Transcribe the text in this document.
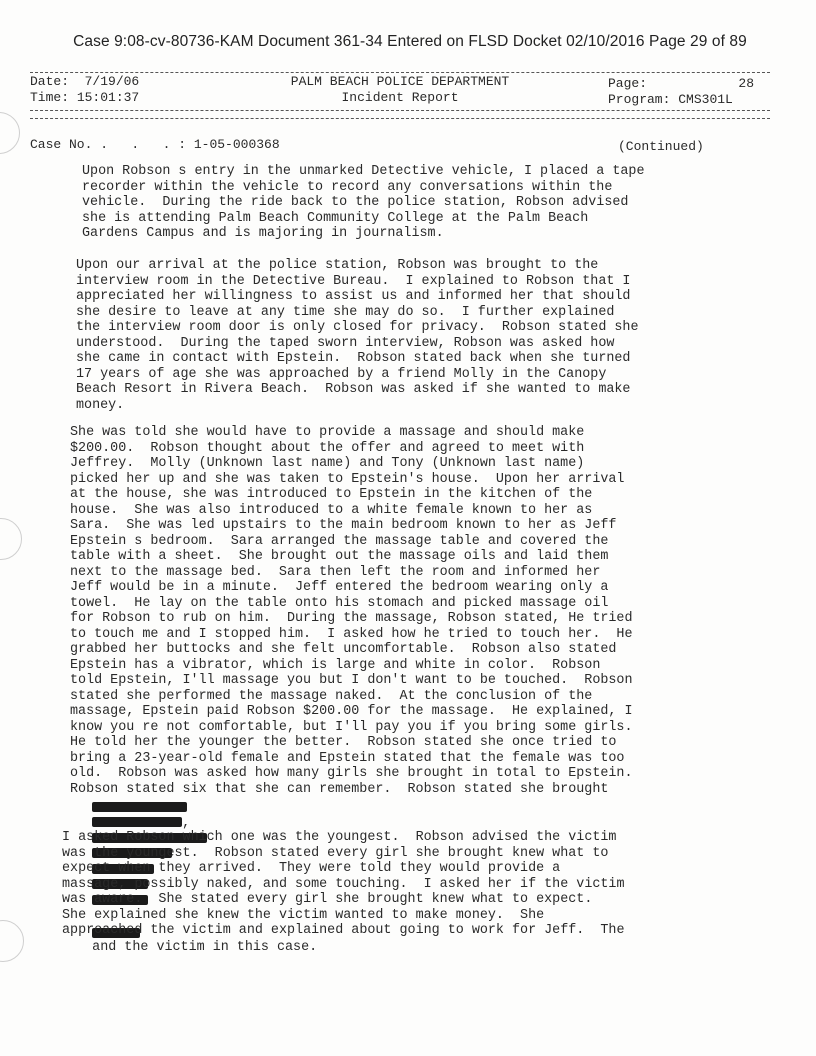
Case 9:08-cv-80736-KAM Document 361-34 Entered on FLSD Docket 02/10/2016 Page 29 of 89
Date: 7/19/06
Time: 15:01:37
PALM BEACH POLICE DEPARTMENT
Incident Report
Page:	28
Program: CMS301L
Case No. .   .   . : 1-05-000368	(Continued)
Upon Robson s entry in the unmarked Detective vehicle, I placed a tape
recorder within the vehicle to record any conversations within the
vehicle.  During the ride back to the police station, Robson advised
she is attending Palm Beach Community College at the Palm Beach
Gardens Campus and is majoring in journalism.
Upon our arrival at the police station, Robson was brought to the
interview room in the Detective Bureau.  I explained to Robson that I
appreciated her willingness to assist us and informed her that should
she desire to leave at any time she may do so.  I further explained
the interview room door is only closed for privacy.  Robson stated she
understood.  During the taped sworn interview, Robson was asked how
she came in contact with Epstein.  Robson stated back when she turned
17 years of age she was approached by a friend Molly in the Canopy
Beach Resort in Rivera Beach.  Robson was asked if she wanted to make
money.
She was told she would have to provide a massage and should make
$200.00.  Robson thought about the offer and agreed to meet with
Jeffrey.  Molly (Unknown last name) and Tony (Unknown last name)
picked her up and she was taken to Epstein's house.  Upon her arrival
at the house, she was introduced to Epstein in the kitchen of the
house.  She was also introduced to a white female known to her as
Sara.  She was led upstairs to the main bedroom known to her as Jeff
Epstein s bedroom.  Sara arranged the massage table and covered the
table with a sheet.  She brought out the massage oils and laid them
next to the massage bed.  Sara then left the room and informed her
Jeff would be in a minute.  Jeff entered the bedroom wearing only a
towel.  He lay on the table onto his stomach and picked massage oil
for Robson to rub on him.  During the massage, Robson stated, He tried
to touch me and I stopped him.  I asked how he tried to touch her.  He
grabbed her buttocks and she felt uncomfortable.  Robson also stated
Epstein has a vibrator, which is large and white in color.  Robson
told Epstein, I'll massage you but I don't want to be touched.  Robson
stated she performed the massage naked.  At the conclusion of the
massage, Epstein paid Robson $200.00 for the massage.  He explained, I
know you re not comfortable, but I'll pay you if you bring some girls.
He told her the younger the better.  Robson stated she once tried to
bring a 23-year-old female and Epstein stated that the female was too
old.  Robson was asked how many girls she brought in total to Epstein.
Robson stated six that she can remember.  Robson stated she brought

,

and the victim in this case.

I asked Robson which one was the youngest.  Robson advised the victim
was the youngest.  Robson stated every girl she brought knew what to
expect when they arrived.  They were told they would provide a
massage, possibly naked, and some touching.  I asked her if the victim
was aware.  She stated every girl she brought knew what to expect.
She explained she knew the victim wanted to make money.  She
approached the victim and explained about going to work for Jeff.  The
